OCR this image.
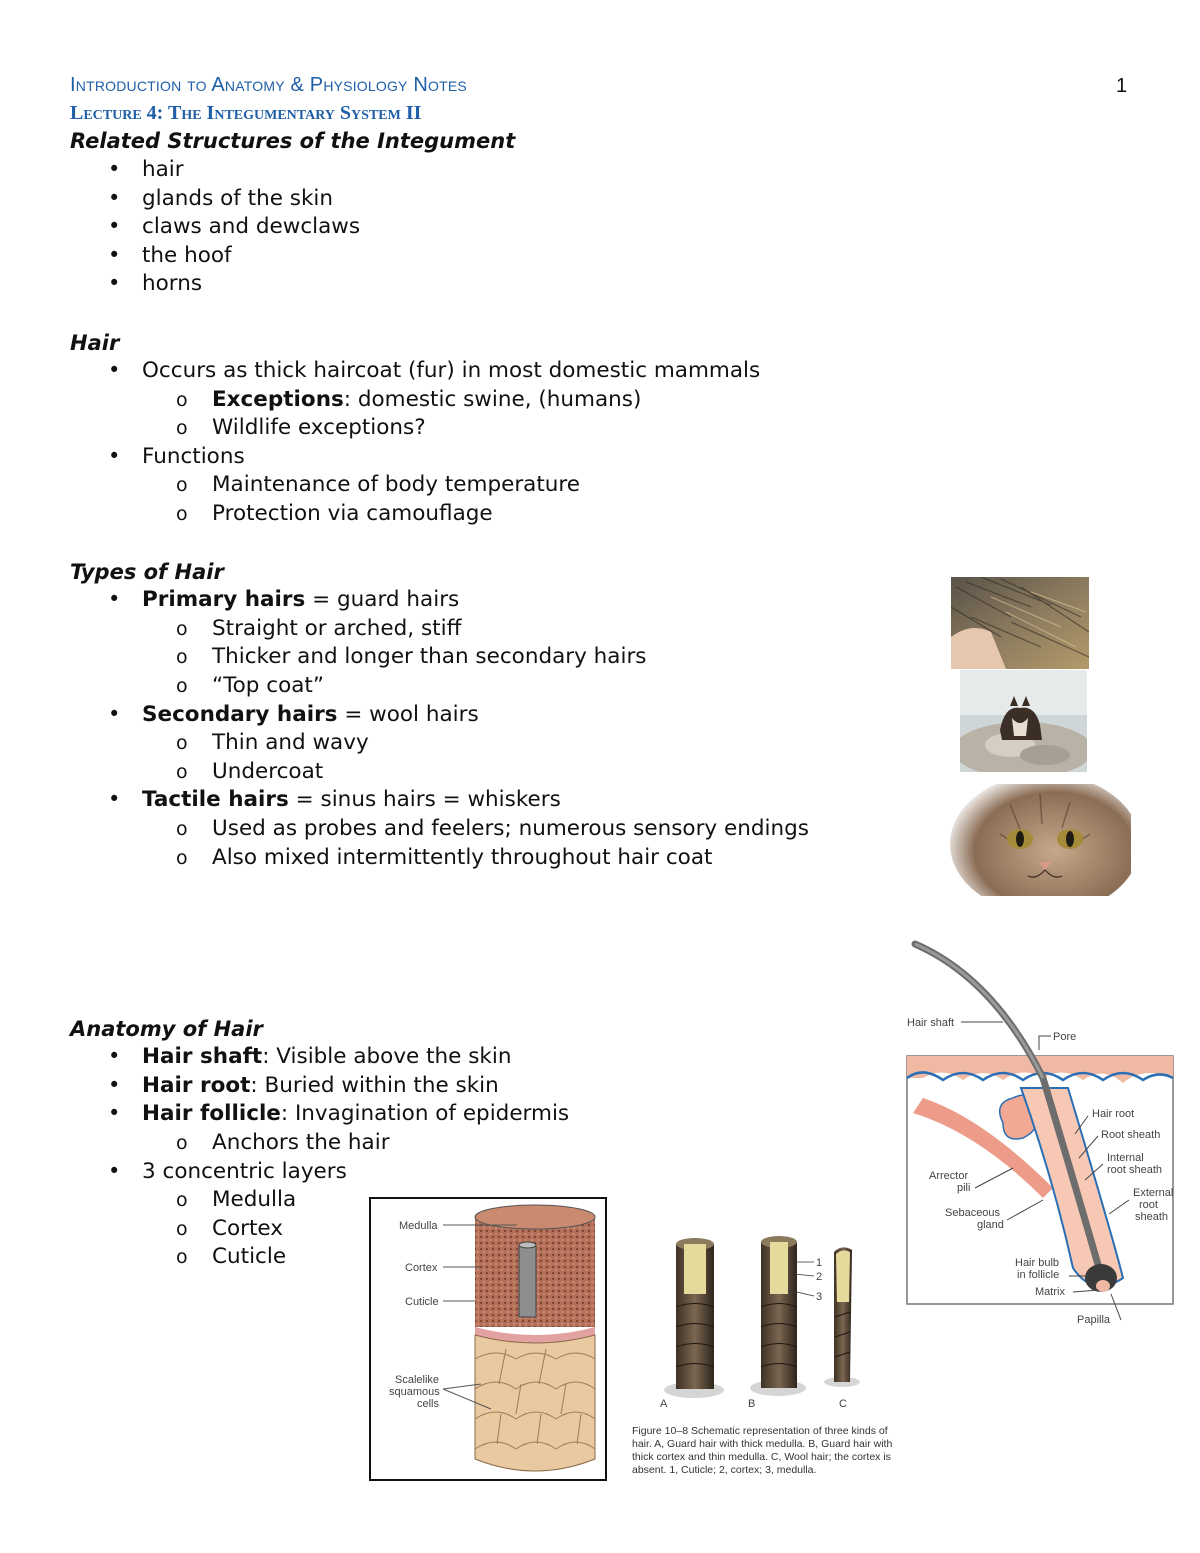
Introduction to Anatomy & Physiology Notes
Lecture 4: The Integumentary System II
1
Related Structures of the Integument
• hair
• glands of the skin
• claws and dewclaws
• the hoof
• horns
Hair
• Occurs as thick haircoat (fur) in most domestic mammals
o Exceptions: domestic swine, (humans)
o Wildlife exceptions?
• Functions
o Maintenance of body temperature
o Protection via camouflage
Types of Hair
• Primary hairs = guard hairs
o Straight or arched, stiff
o Thicker and longer than secondary hairs
o “Top coat”
• Secondary hairs = wool hairs
o Thin and wavy
o Undercoat
• Tactile hairs = sinus hairs = whiskers
o Used as probes and feelers; numerous sensory endings
o Also mixed intermittently throughout hair coat
Anatomy of Hair
• Hair shaft: Visible above the skin
• Hair root: Buried within the skin
• Hair follicle: Invagination of epidermis
o Anchors the hair
• 3 concentric layers
o Medulla
o Cortex
o Cuticle
Medulla
Cortex
Cuticle
Scalelike
squamous
cells
1
2
3
A	B	C
Figure 10–8 Schematic representation of three kinds of
hair. A, Guard hair with thick medulla. B, Guard hair with
thick cortex and thin medulla. C, Wool hair; the cortex is
absent. 1, Cuticle; 2, cortex; 3, medulla.
Hair shaft
Pore
Hair root
Root sheath
Internal
root sheath
Arrector
pili	External
root
sheath
Sebaceous
gland
Hair bulb
in follicle
Matrix
Papilla
